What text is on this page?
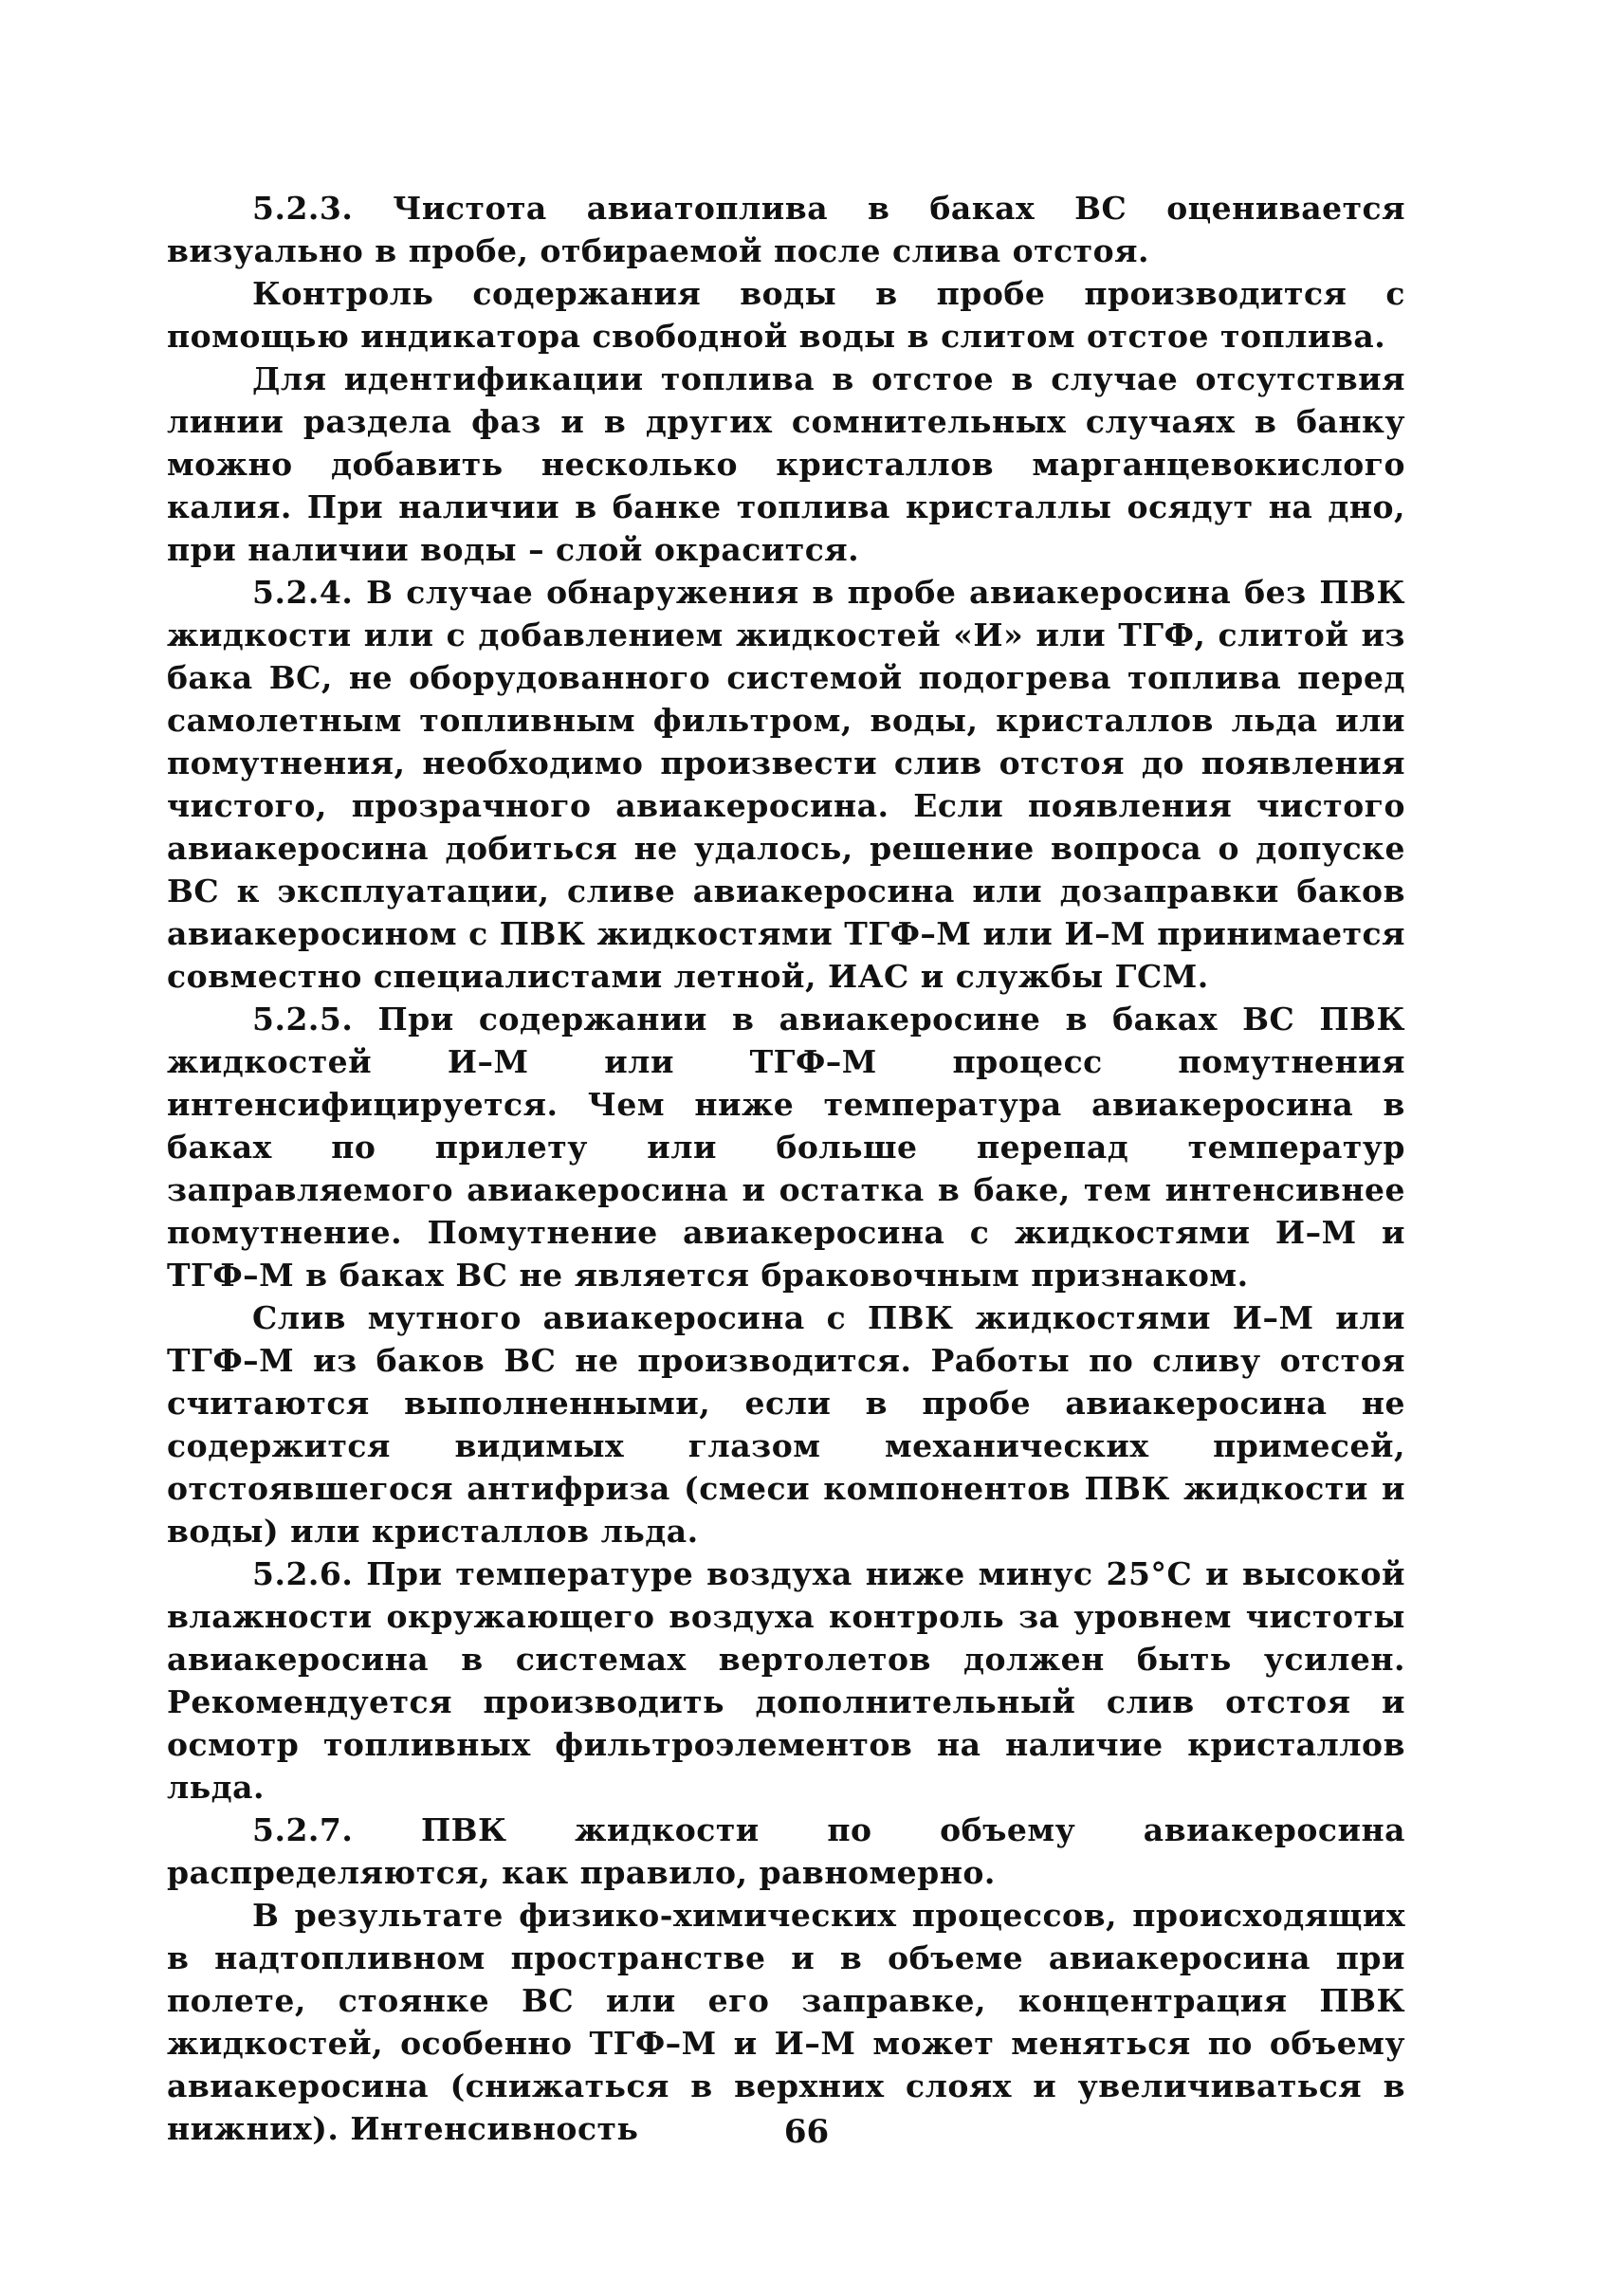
5.2.3. Чистота авиатоплива в баках ВС оценивается визуально в пробе, отбираемой после слива отстоя.

Контроль содержания воды в пробе производится с помощью индикатора свободной воды в слитом отстое топлива.

Для идентификации топлива в отстое в случае отсутствия линии раздела фаз и в других сомнительных случаях в банку можно добавить несколько кристаллов марганцевокислого калия. При наличии в банке топлива кристаллы осядут на дно, при наличии воды – слой окрасится.

5.2.4. В случае обнаружения в пробе авиакеросина без ПВК жидкости или с добавлением жидкостей «И» или ТГФ, слитой из бака ВС, не оборудованного системой подогрева топлива перед самолетным топливным фильтром, воды, кристаллов льда или помутнения, необходимо произвести слив отстоя до появления чистого, прозрачного авиакеросина. Если появления чистого авиакеросина добиться не удалось, решение вопроса о допуске ВС к эксплуатации, сливе авиакеросина или дозаправки баков авиакеросином с ПВК жидкостями ТГФ–М или И–М принимается совместно специалистами летной, ИАС и службы ГСМ.

5.2.5. При содержании в авиакеросине в баках ВС ПВК жидкостей И–М или ТГФ–М процесс помутнения интенсифицируется. Чем ниже температура авиакеросина в баках по прилету или больше перепад температур заправляемого авиакеросина и остатка в баке, тем интенсивнее помутнение. Помутнение авиакеросина с жидкостями И–М и ТГФ–М в баках ВС не является браковочным признаком.

Слив мутного авиакеросина с ПВК жидкостями И–М или ТГФ–М из баков ВС не производится. Работы по сливу отстоя считаются выполненными, если в пробе авиакеросина не содержится видимых глазом механических примесей, отстоявшегося антифриза (смеси компонентов ПВК жидкости и воды) или кристаллов льда.

5.2.6. При температуре воздуха ниже минус 25°С и высокой влажности окружающего воздуха контроль за уровнем чистоты авиакеросина в системах вертолетов должен быть усилен. Рекомендуется производить дополнительный слив отстоя и осмотр топливных фильтроэлементов на наличие кристаллов льда.

5.2.7. ПВК жидкости по объему авиакеросина распределяются, как правило, равномерно.

В результате физико-химических процессов, происходящих в надтопливном пространстве и в объеме авиакеросина при полете, стоянке ВС или его заправке, концентрация ПВК жидкостей, особенно ТГФ–М и И–М может меняться по объему авиакеросина (снижаться в верхних слоях и увеличиваться в нижних). Интенсивность	66
